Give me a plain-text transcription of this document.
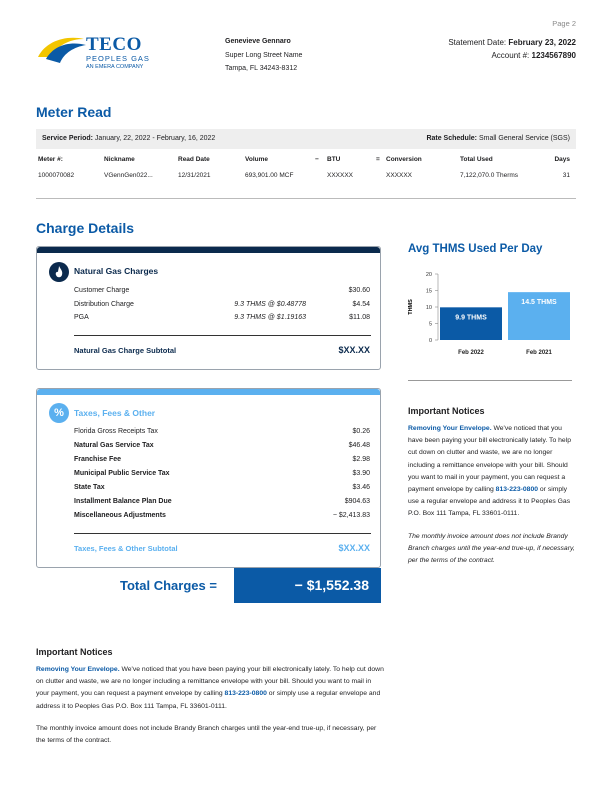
Page 2
TECO
PEOPLES GAS
AN EMERA COMPANY
Genevieve Gennaro
Super Long Street Name
Tampa, FL 34243-8312
Statement Date: February 23, 2022
Account #: 1234567890
Meter Read
Service Period: January, 22, 2022 - February, 16, 2022	Rate Schedule: Small General Service (SGS)
Meter #:	Nickname	Read Date	Volume	− BTU	= Conversion	Total Used	Days
1000070082	VGennGen022...	12/31/2021	693,901.00 MCF	XXXXXX	XXXXXX	7,122,070.0 Therms	31
Charge Details
Natural Gas Charges
Customer Charge	$30.60
Distribution Charge	9.3 THMS @ $0.48778	$4.54
PGA	9.3 THMS @ $1.19163	$11.08
Natural Gas Charge Subtotal	$XX.XX
%	Taxes, Fees & Other
Florida Gross Receipts Tax	$0.26
Natural Gas Service Tax	$46.48
Franchise Fee	$2.98
Municipal Public Service Tax	$3.90
State Tax	$3.46
Installment Balance Plan Due	$904.63
Miscellaneous Adjustments	− $2,413.83
Taxes, Fees & Other Subtotal	$XX.XX
Total Charges =	− $1,552.38
Avg THMS Used Per Day
THMS
20
15
10
5
0
9.9 THMS
Feb 2022
14.5 THMS
Feb 2021
Important Notices

Removing Your Envelope. We've noticed that you have been paying your bill electronically lately. To help cut down on clutter and waste, we are no longer including a remittance envelope with your bill. Should you want to mail in your payment, you can request a payment envelope by calling 813-223-0800 or simply use a regular envelope and address it to Peoples Gas P.O. Box 111 Tampa, FL 33601-0111.

The monthly invoice amount does not include Brandy Branch charges until the year-end true-up, if necessary, per the terms of the contract.

Important Notices

Removing Your Envelope. We've noticed that you have been paying your bill electronically lately. To help cut down on clutter and waste, we are no longer including a remittance envelope with your bill. Should you want to mail in your payment, you can request a payment envelope by calling 813-223-0800 or simply use a regular envelope and address it to Peoples Gas P.O. Box 111 Tampa, FL 33601-0111.

The monthly invoice amount does not include Brandy Branch charges until the year-end true-up, if necessary, per the terms of the contract.
